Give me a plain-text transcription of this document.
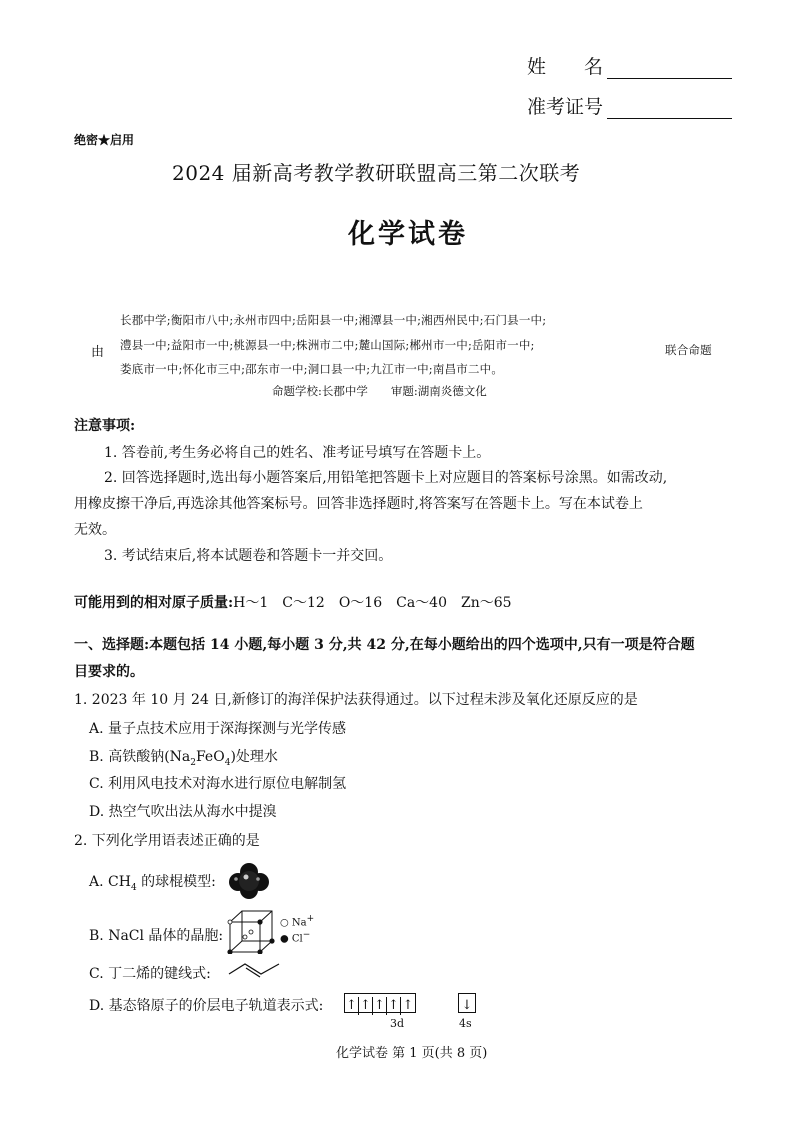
姓　　名
准考证号
绝密★启用
2024 届新高考教学教研联盟高三第二次联考
化学试卷
长郡中学;衡阳市八中;永州市四中;岳阳县一中;湘潭县一中;湘西州民中;石门县一中;
由 澧县一中;益阳市一中;桃源县一中;株洲市二中;麓山国际;郴州市一中;岳阳市一中;	联合命题
娄底市一中;怀化市三中;邵东市一中;洞口县一中;九江市一中;南昌市二中。
命题学校:长郡中学　　审题:湖南炎德文化
注意事项:
1. 答卷前,考生务必将自己的姓名、准考证号填写在答题卡上。
2. 回答选择题时,选出每小题答案后,用铅笔把答题卡上对应题目的答案标号涂黑。如需改动,
用橡皮擦干净后,再选涂其他答案标号。回答非选择题时,将答案写在答题卡上。写在本试卷上
无效。
3. 考试结束后,将本试题卷和答题卡一并交回。
可能用到的相对原子质量:H～1　C～12　O～16　Ca～40　Zn～65
一、选择题:本题包括 14 小题,每小题 3 分,共 42 分,在每小题给出的四个选项中,只有一项是符合题
目要求的。
1. 2023 年 10 月 24 日,新修订的海洋保护法获得通过。以下过程未涉及氧化还原反应的是
A. 量子点技术应用于深海探测与光学传感
B. 高铁酸钠$(Na_2FeO_4)$处理水
C. 利用风电技术对海水进行原位电解制氢
D. 热空气吹出法从海水中提溴
2. 下列化学用语表述正确的是
A. $CH_4$ 的球棍模型:
B. NaCl 晶体的晶胞:
○ Na+
● Cl−
C. 丁二烯的键线式:
D. 基态铬原子的价层电子轨道表示式: ↑ ↑ ↑ ↑ ↑	↓
3d	4s
化学试卷 第 1 页(共 8 页)
